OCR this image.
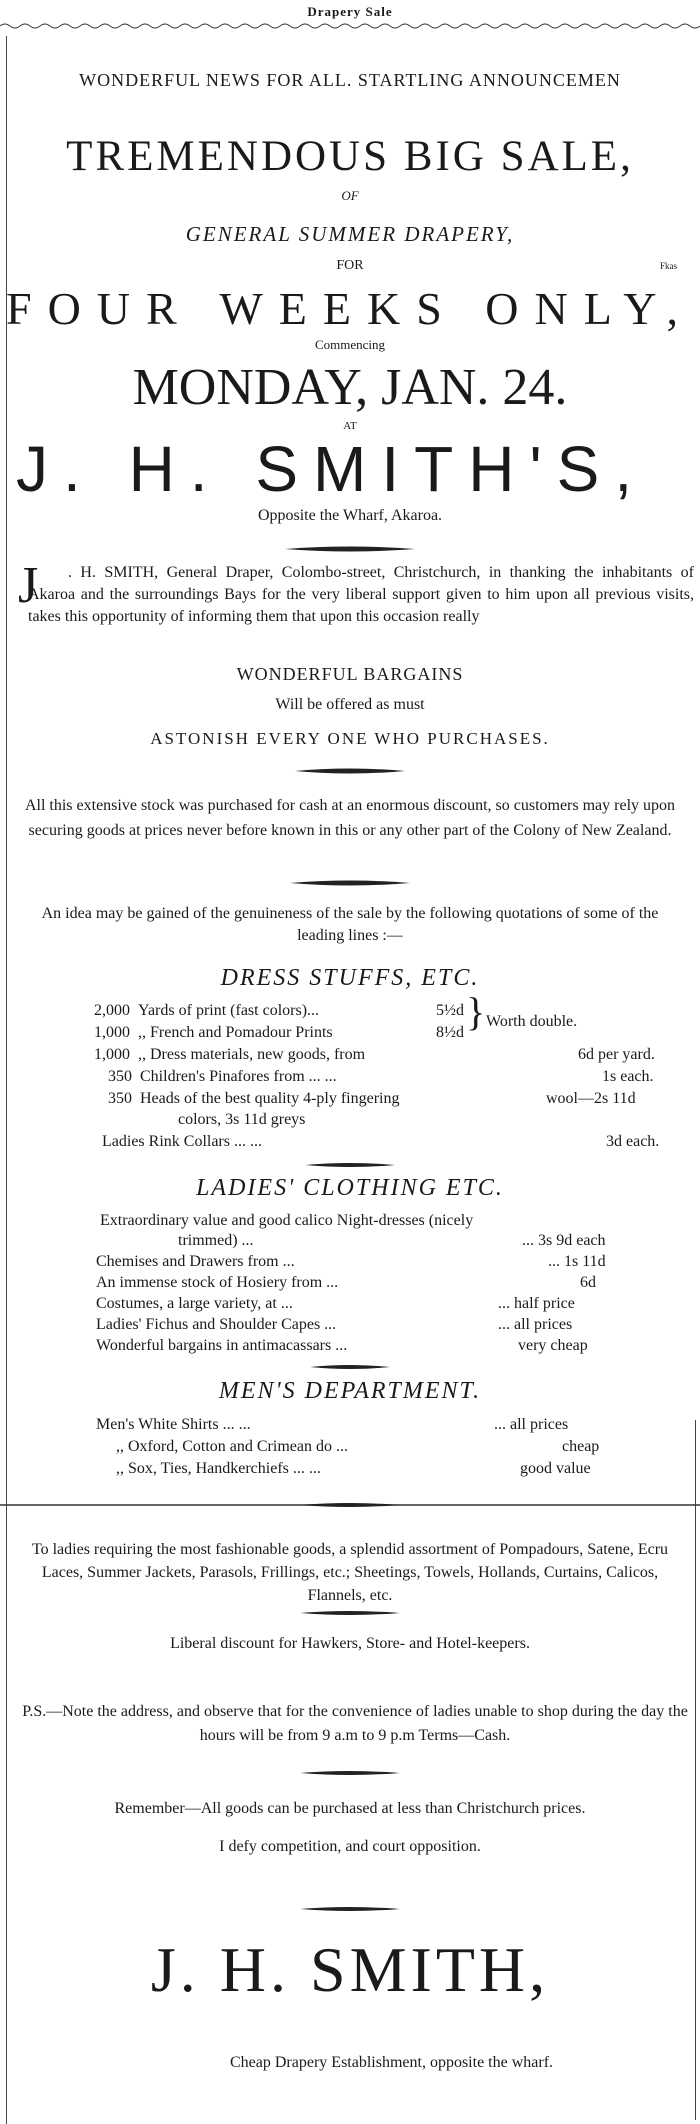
Drapery Sale
WONDERFUL NEWS FOR ALL. STARTLING ANNOUNCEMEN
TREMENDOUS BIG SALE,
OF
GENERAL SUMMER DRAPERY,
FOR	Fkas
FOUR WEEKS ONLY,
Commencing
MONDAY, JAN. 24.
AT
J. H. SMITH'S,
Opposite the Wharf, Akaroa.
J	. H. SMITH, General Draper, Colombo-street, Christchurch, in thanking the inhabitants of Akaroa and the surroundings Bays for the very liberal support given to him upon all previous visits, takes this opportunity of informing them that upon this occasion really
WONDERFUL BARGAINS
Will be offered as must
ASTONISH EVERY ONE WHO PURCHASES.
All this extensive stock was purchased for cash at an enormous discount, so customers may rely upon securing goods at prices never before known in this or any other part of the Colony of New Zealand.
An idea may be gained of the genuineness of the sale by the following quotations of some of the leading lines :—
DRESS STUFFS, ETC.
2,000 Yards of print (fast colors)...	5½d
1,000 ,, French and Pomadour Prints	8½d } Worth double.
1,000 ,, Dress materials, new goods, from	6d per yard.
350 Children's Pinafores from ... ...	1s each.
350 Heads of the best quality 4-ply fingering	wool—2s 11d
colors, 3s 11d greys
Ladies Rink Collars ... ...	3d each.
LADIES' CLOTHING ETC.
Extraordinary value and good calico Night-dresses (nicely
trimmed) ...	... 3s 9d each
Chemises and Drawers from ...	... 1s 11d
An immense stock of Hosiery from ...	6d
Costumes, a large variety, at ...	... half price
Ladies' Fichus and Shoulder Capes ...	... all prices
Wonderful bargains in antimacassars ...	very cheap
MEN'S DEPARTMENT.
Men's White Shirts ... ...	... all prices
,, Oxford, Cotton and Crimean do ...	cheap
,, Sox, Ties, Handkerchiefs ... ...	good value
To ladies requiring the most fashionable goods, a splendid assortment of Pompadours, Satene, Ecru Laces, Summer Jackets, Parasols, Frillings, etc.; Sheetings, Towels, Hollands, Curtains, Calicos, Flannels, etc.
Liberal discount for Hawkers, Store- and Hotel-keepers.
P.S.—Note the address, and observe that for the convenience of ladies unable to shop during the day the hours will be from 9 a.m to 9 p.m Terms—Cash.
Remember—All goods can be purchased at less than Christchurch prices.
I defy competition, and court opposition.
J. H. SMITH,
Cheap Drapery Establishment, opposite the wharf.
